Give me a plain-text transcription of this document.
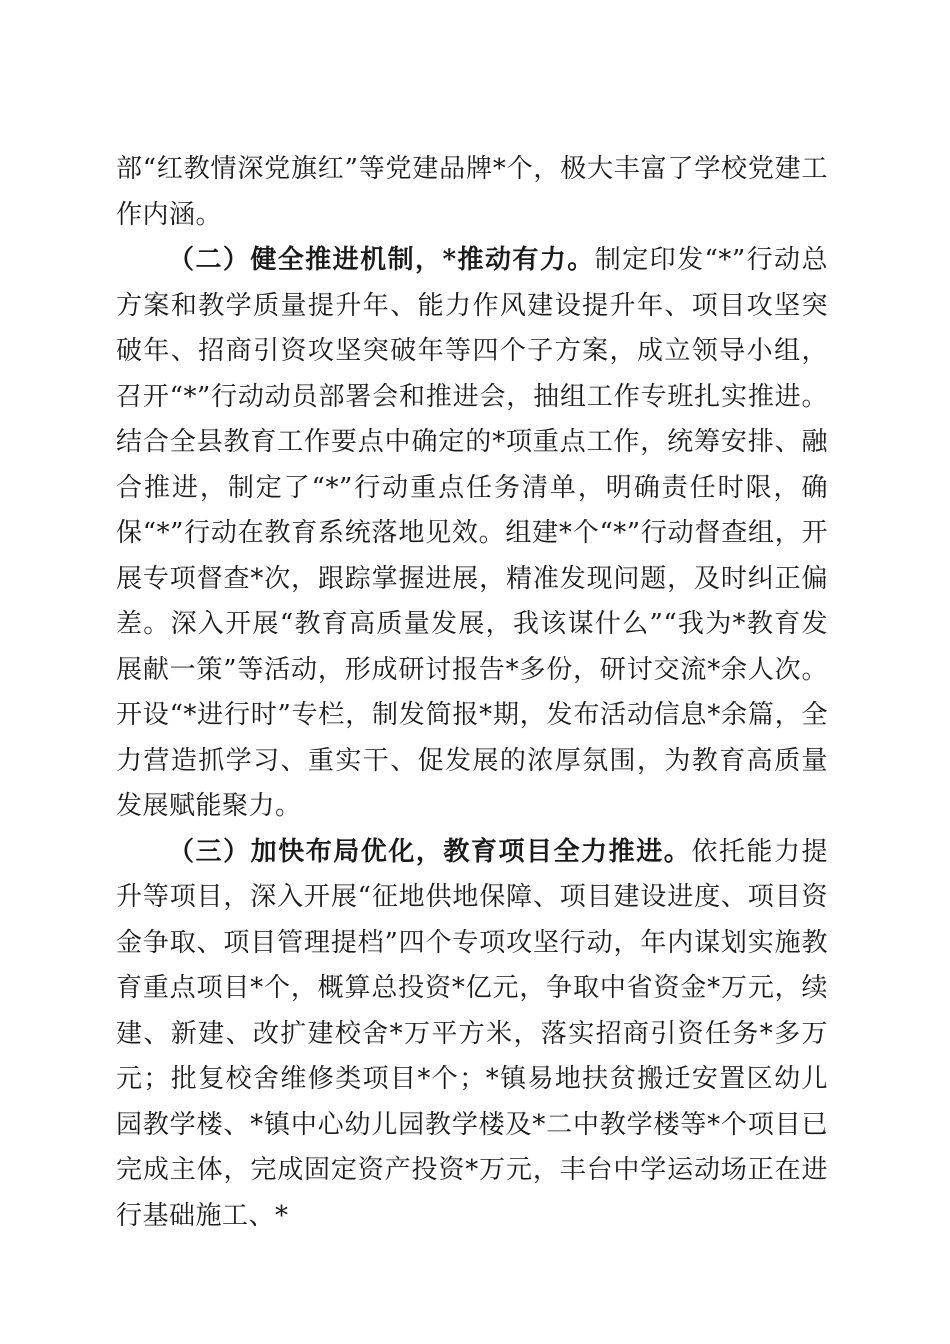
部“红教情深党旗红”等党建品牌*个，极大丰富了学校党建工作内涵。

（二）健全推进机制，*推动有力。制定印发“*”行动总方案和教学质量提升年、能力作风建设提升年、项目攻坚突破年、招商引资攻坚突破年等四个子方案，成立领导小组，召开“*”行动动员部署会和推进会，抽组工作专班扎实推进。结合全县教育工作要点中确定的*项重点工作，统筹安排、融合推进，制定了“*”行动重点任务清单，明确责任时限，确保“*”行动在教育系统落地见效。组建*个“*”行动督查组，开展专项督查*次，跟踪掌握进展，精准发现问题，及时纠正偏差。深入开展“教育高质量发展，我该谋什么”“我为*教育发展献一策”等活动，形成研讨报告*多份，研讨交流*余人次。开设“*进行时”专栏，制发简报*期，发布活动信息*余篇，全力营造抓学习、重实干、促发展的浓厚氛围，为教育高质量发展赋能聚力。

（三）加快布局优化，教育项目全力推进。依托能力提升等项目，深入开展“征地供地保障、项目建设进度、项目资金争取、项目管理提档”四个专项攻坚行动，年内谋划实施教育重点项目*个，概算总投资*亿元，争取中省资金*万元，续建、新建、改扩建校舍*万平方米，落实招商引资任务*多万元；批复校舍维修类项目*个；*镇易地扶贫搬迁安置区幼儿园教学楼、*镇中心幼儿园教学楼及*二中教学楼等*个项目已完成主体，完成固定资产投资*万元，丰台中学运动场正在进行基础施工、*
